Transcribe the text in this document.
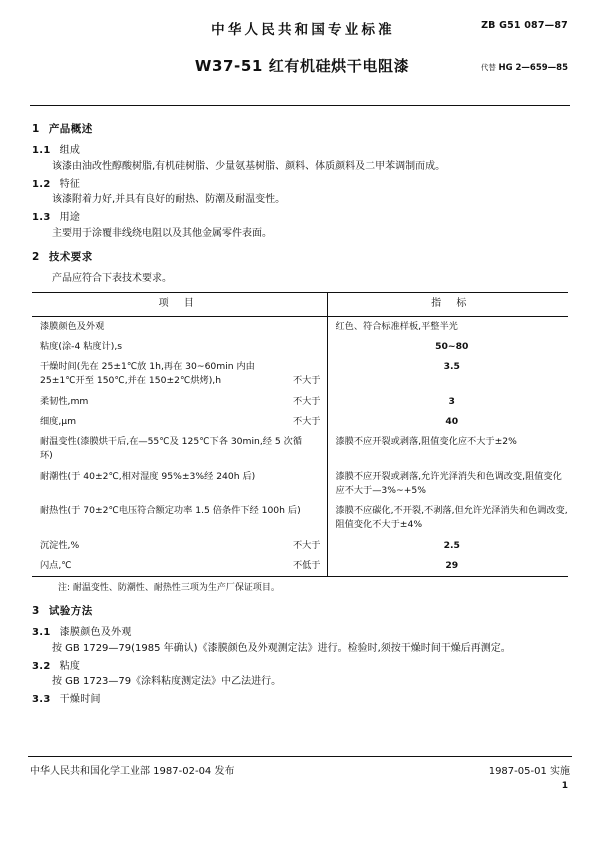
中华人民共和国专业标准	ZB G51 087—87
W37-51 红有机硅烘干电阻漆	代替 HG 2—659—85
1 产品概述
1.1 组成

该漆由油改性醇酸树脂,有机硅树脂、少量氨基树脂、颜料、体质颜料及二甲苯调制而成。

1.2 特征

该漆附着力好,并具有良好的耐热、防潮及耐温变性。

1.3 用途

主要用于涂覆非线绕电阻以及其他金属零件表面。

2 技术要求

产品应符合下表技术要求。

项 目	指 标

漆膜颜色及外观	红色、符合标准样板,平整半光

粘度(涂-4 粘度计),s	50~80

干燥时间(先在 25±1℃放 1h,再在 30~60min 内由 25±1℃开至 150℃,并在 150±2℃烘烤),h 不大于	3.5

柔韧性,mm 不大于	3

细度,μm 不大于	40

耐温变性(漆膜烘干后,在—55℃及 125℃下各 30min,经 5 次循环)	漆膜不应开裂或剥落,阻值变化应不大于±2%

耐潮性(于 40±2℃,相对湿度 95%±3%经 240h 后)	漆膜不应开裂或剥落,允许光泽消失和色调改变,阻值变化应不大于—3%~+5%

耐热性(于 70±2℃电压符合额定功率 1.5 倍条件下经 100h 后)	漆膜不应碳化,不开裂,不剥落,但允许光泽消失和色调改变,阻值变化不大于±4%

沉淀性,% 不大于	2.5

闪点,℃ 不低于	29

注: 耐温变性、防潮性、耐热性三项为生产厂保证项目。

3 试验方法
3.1 漆膜颜色及外观

按 GB 1729—79(1985 年确认)《漆膜颜色及外观测定法》进行。检验时,须按干燥时间干燥后再测定。

3.2 粘度

按 GB 1723—79《涂料粘度测定法》中乙法进行。

3.3 干燥时间
中华人民共和国化学工业部 1987-02-04 发布	1987-05-01 实施
1
